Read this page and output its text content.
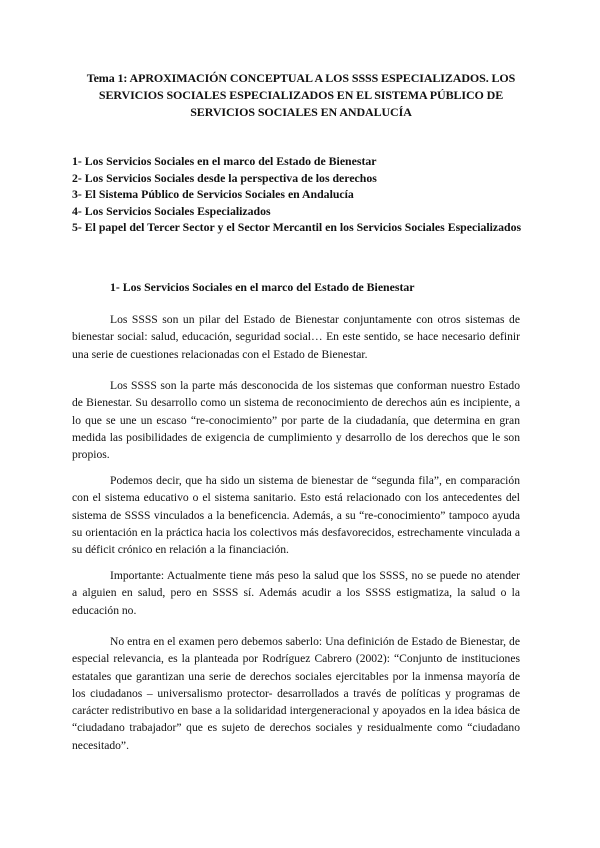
Tema 1: APROXIMACIÓN CONCEPTUAL A LOS SSSS ESPECIALIZADOS. LOS SERVICIOS SOCIALES ESPECIALIZADOS EN EL SISTEMA PÚBLICO DE SERVICIOS SOCIALES EN ANDALUCÍA
1- Los Servicios Sociales en el marco del Estado de Bienestar
2- Los Servicios Sociales desde la perspectiva de los derechos
3- El Sistema Público de Servicios Sociales en Andalucía
4- Los Servicios Sociales Especializados
5- El papel del Tercer Sector y el Sector Mercantil en los Servicios Sociales Especializados
1- Los Servicios Sociales en el marco del Estado de Bienestar

Los SSSS son un pilar del Estado de Bienestar conjuntamente con otros sistemas de bienestar social: salud, educación, seguridad social… En este sentido, se hace necesario definir una serie de cuestiones relacionadas con el Estado de Bienestar.

Los SSSS son la parte más desconocida de los sistemas que conforman nuestro Estado de Bienestar. Su desarrollo como un sistema de reconocimiento de derechos aún es incipiente, a lo que se une un escaso “re-conocimiento” por parte de la ciudadanía, que determina en gran medida las posibilidades de exigencia de cumplimiento y desarrollo de los derechos que le son propios.

Podemos decir, que ha sido un sistema de bienestar de “segunda fila”, en comparación con el sistema educativo o el sistema sanitario. Esto está relacionado con los antecedentes del sistema de SSSS vinculados a la beneficencia. Además, a su “re-conocimiento” tampoco ayuda su orientación en la práctica hacia los colectivos más desfavorecidos, estrechamente vinculada a su déficit crónico en relación a la financiación.

Importante: Actualmente tiene más peso la salud que los SSSS, no se puede no atender a alguien en salud, pero en SSSS sí. Además acudir a los SSSS estigmatiza, la salud o la educación no.

No entra en el examen pero debemos saberlo: Una definición de Estado de Bienestar, de especial relevancia, es la planteada por Rodríguez Cabrero (2002): “Conjunto de instituciones estatales que garantizan una serie de derechos sociales ejercitables por la inmensa mayoría de los ciudadanos – universalismo protector- desarrollados a través de políticas y programas de carácter redistributivo en base a la solidaridad intergeneracional y apoyados en la idea básica de “ciudadano trabajador” que es sujeto de derechos sociales y residualmente como “ciudadano necesitado”.
